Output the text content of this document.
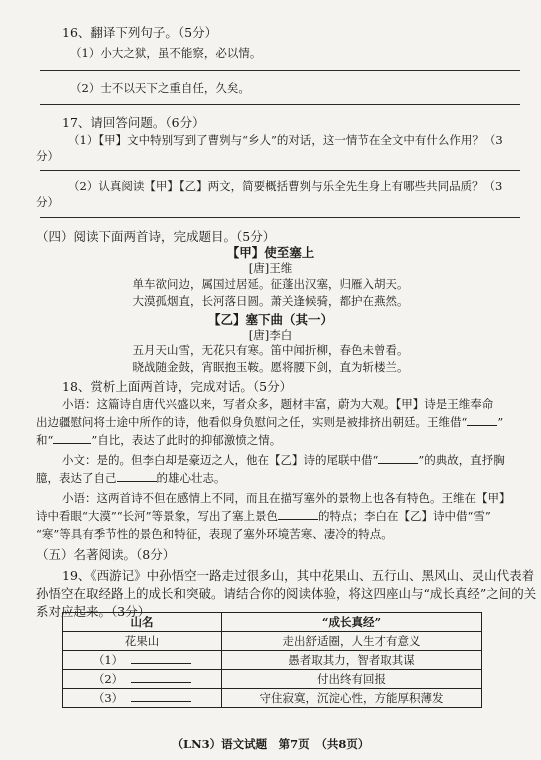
16、翻译下列句子。（5分）
（1）小大之狱，虽不能察，必以情。
（2）士不以天下之重自任，久矣。
17、请回答问题。（6分）
（1）【甲】文中特别写到了曹刿与“乡人”的对话，这一情节在全文中有什么作用？（3
分）
（2）认真阅读【甲】【乙】两文，简要概括曹刿与乐全先生身上有哪些共同品质？（3
分）
（四）阅读下面两首诗，完成题目。（5分）
【甲】使至塞上
[唐]王维
单车欲问边，属国过居延。征蓬出汉塞，归雁入胡天。
大漠孤烟直，长河落日圆。萧关逢候骑，都护在燕然。
【乙】塞下曲（其一）
[唐]李白
五月天山雪，无花只有寒。笛中闻折柳，春色未曾看。
晓战随金鼓，宵眠抱玉鞍。愿将腰下剑，直为斩楼兰。
18、赏析上面两首诗，完成对话。（5分）
小语：这篇诗自唐代兴盛以来，写者众多，题材丰富，蔚为大观。【甲】诗是王维奉命
出边疆慰问将士途中所作的诗，他看似身负慰问之任，实则是被排挤出朝廷。王维借“	”
和“	”自比，表达了此时的抑郁激愤之情。
小文：是的。但李白却是豪迈之人，他在【乙】诗的尾联中借“	”的典故，直抒胸
臆，表达了自己	的雄心壮志。
小语：这两首诗不但在感情上不同，而且在描写塞外的景物上也各有特色。王维在【甲】
诗中看眼“大漠”“长河”等景象，写出了塞上景色	的特点；李白在【乙】诗中借“雪”
“寒”等具有季节性的景色和特征，表现了塞外环境苦寒、凄冷的特点。
（五）名著阅读。（8分）
19、《西游记》中孙悟空一路走过很多山，其中花果山、五行山、黑风山、灵山代表着
孙悟空在取经路上的成长和突破。请结合你的阅读体验，将这四座山与“成长真经”之间的关
系对应起来。（3分）
山名	“成长真经”
花果山	走出舒适圈，人生才有意义
（1）	愚者取其力，智者取其谋
（2）	付出终有回报
（3）	守住寂寞，沉淀心性，方能厚积薄发
（LN3）语文试题　第7页　（共8页）
